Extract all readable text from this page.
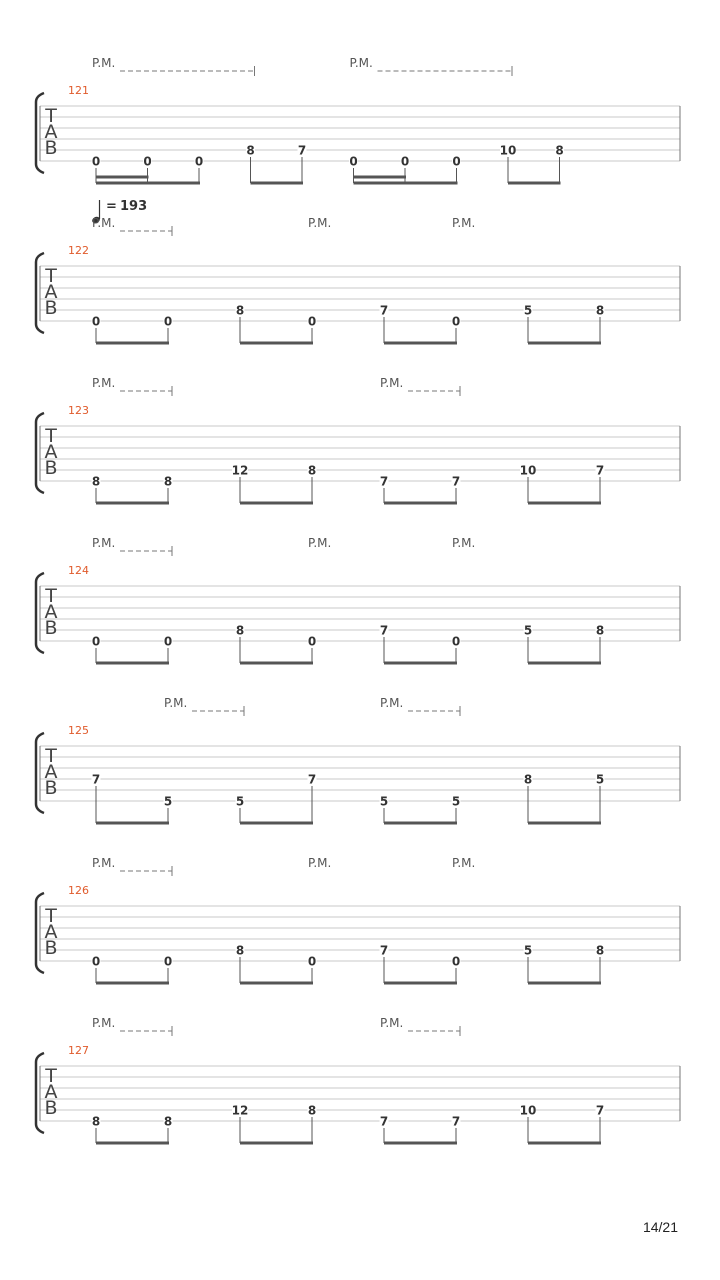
T
A
B
121
P.M.	P.M.
0	0	0
8	7
0	0	0
10	8
T
A
B
122
= 193
P.M.	P.M.	P.M.
0	0
8
0
7
0
5	8
T
A
B
123
P.M.	P.M.
8	8
12	8
7	7
10	7
T
A
B
124
P.M.	P.M.	P.M.
0	0
8
0
7
0
5	8
T
A
B
125
P.M.	P.M.
7
5	5
7
5	5
8	5
T
A
B
126
P.M.	P.M.	P.M.
0	0
8
0
7
0
5	8
T
A
B
127
P.M.	P.M.
8	8
12	8
7	7
10	7
14/21
